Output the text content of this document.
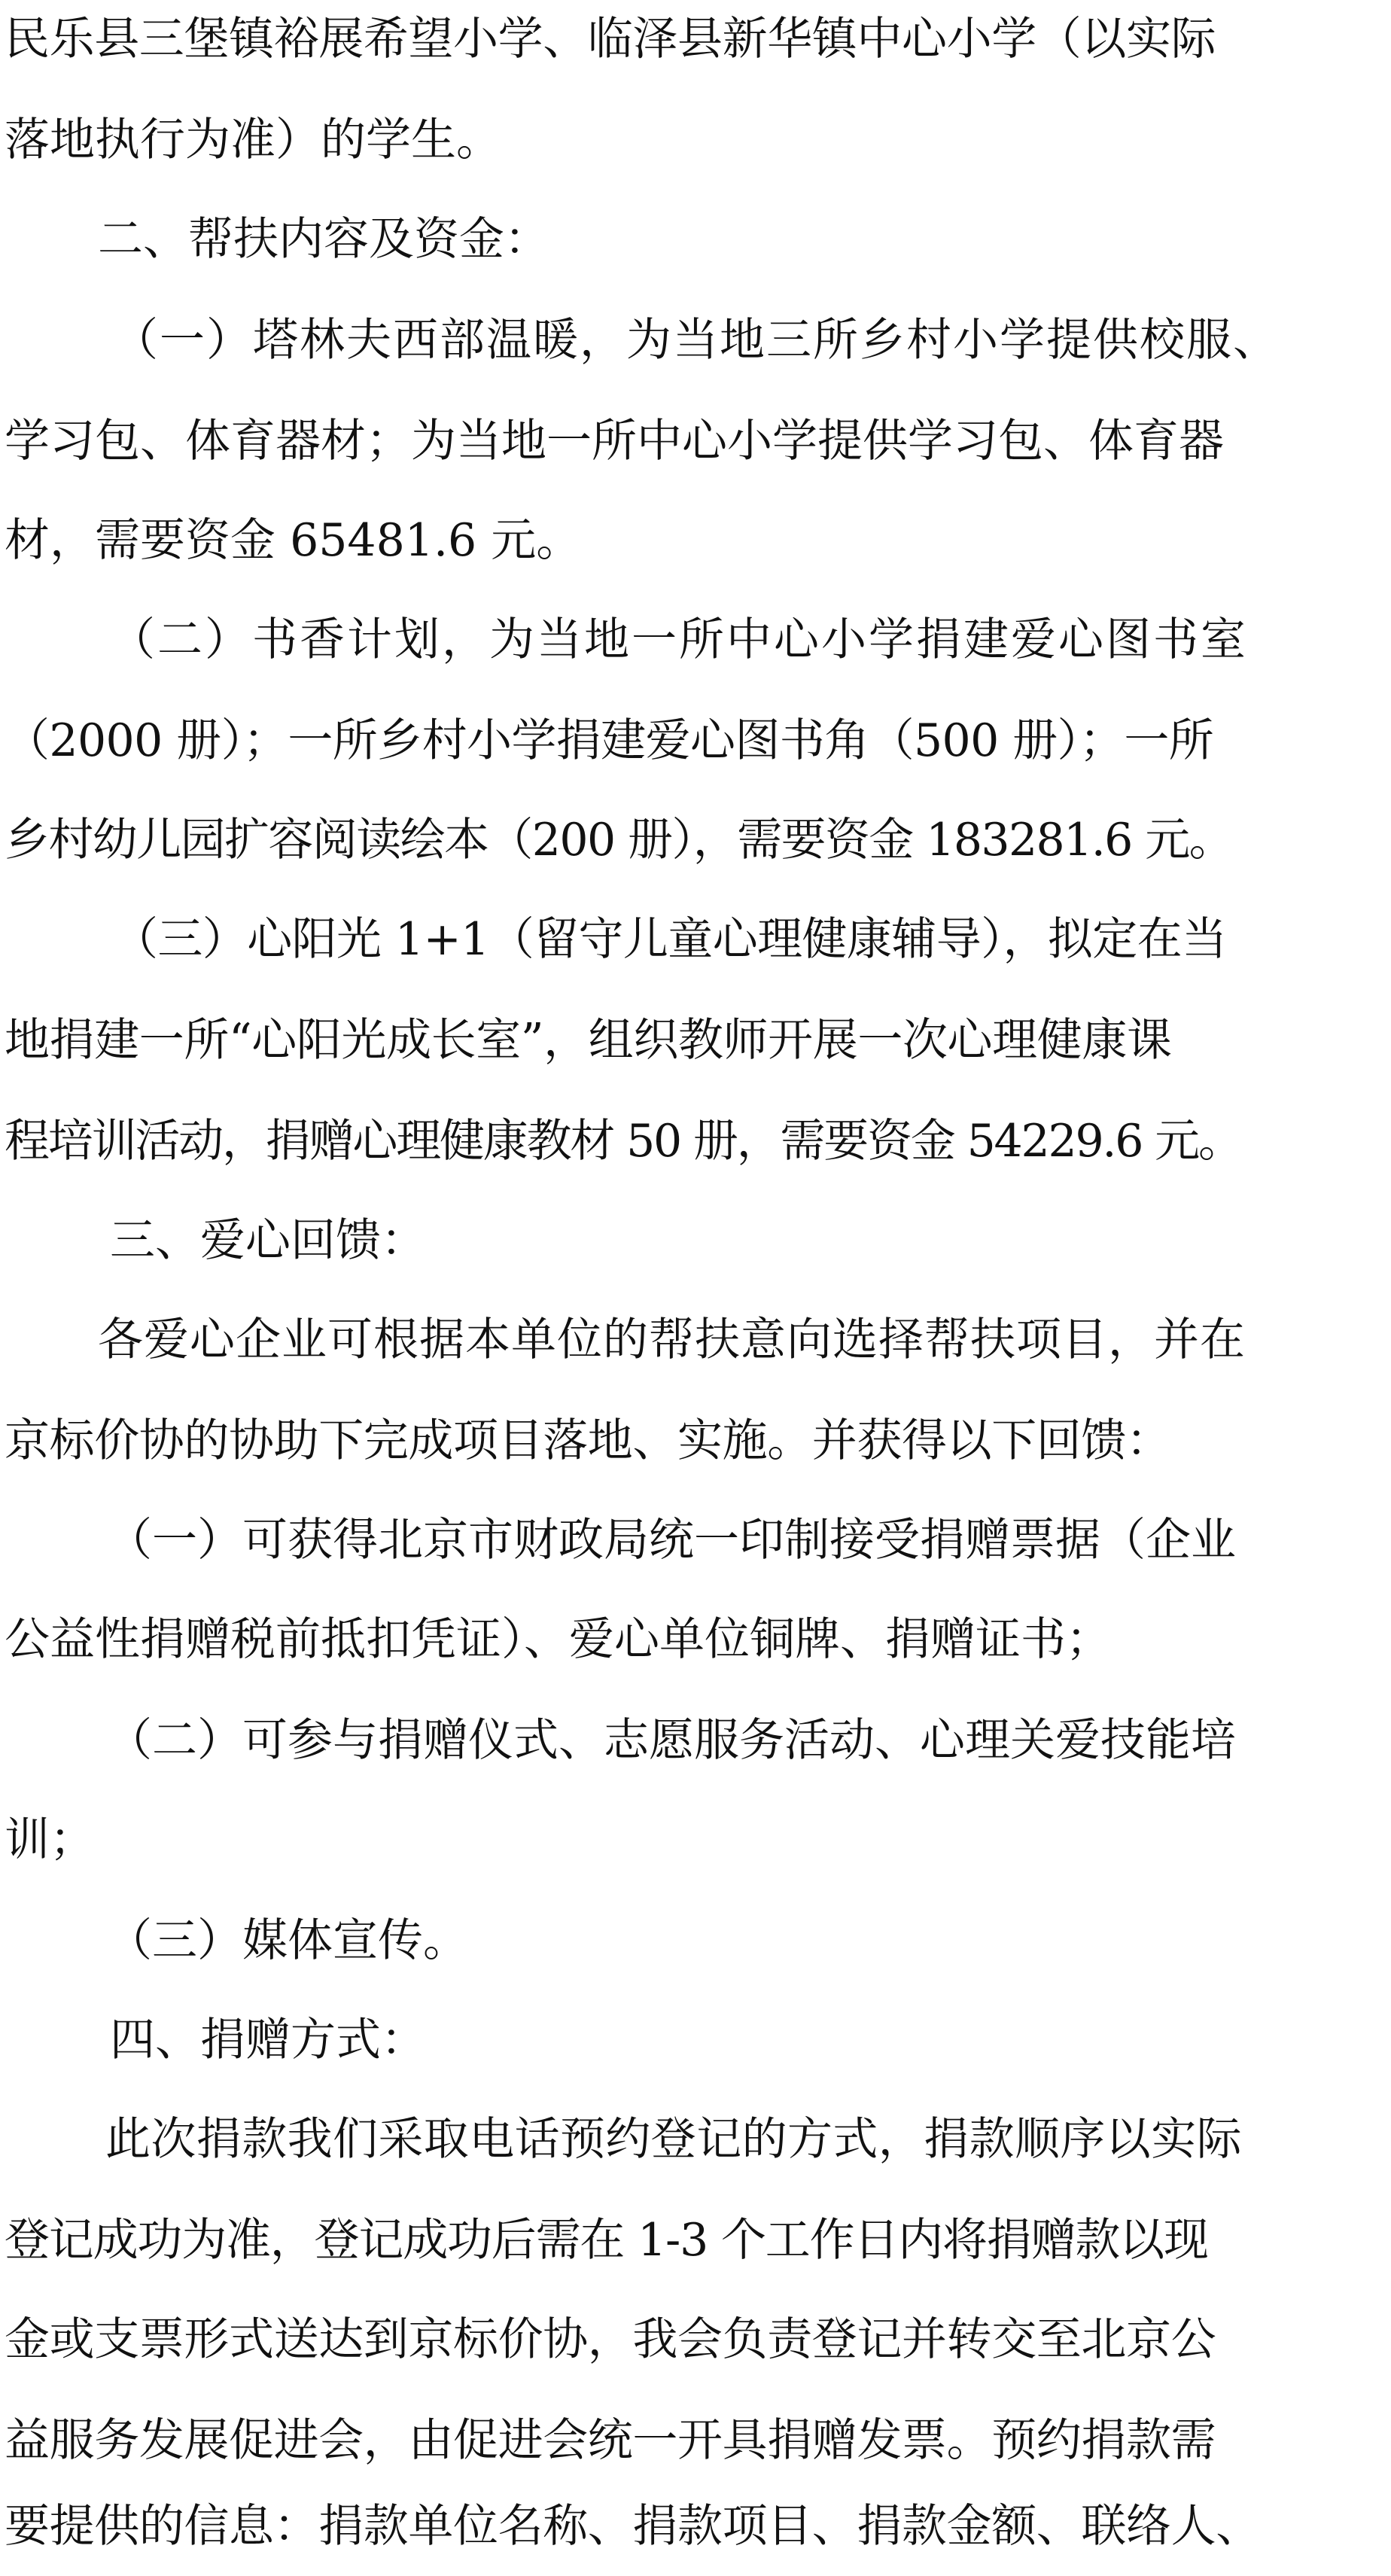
民乐县三堡镇裕展希望小学、临泽县新华镇中心小学（以实际
落地执行为准）的学生。
二、帮扶内容及资金：
（一）塔林夫西部温暖，为当地三所乡村小学提供校服、
学习包、体育器材；为当地一所中心小学提供学习包、体育器
材，需要资金 65481.6 元。
（二）书香计划，为当地一所中心小学捐建爱心图书室
（2000 册）；一所乡村小学捐建爱心图书角（500 册）；一所
乡村幼儿园扩容阅读绘本（200 册），需要资金 183281.6 元。
（三）心阳光 1+1（留守儿童心理健康辅导），拟定在当
地捐建一所“心阳光成长室”，组织教师开展一次心理健康课
程培训活动，捐赠心理健康教材 50 册，需要资金 54229.6 元。
三、爱心回馈：
各爱心企业可根据本单位的帮扶意向选择帮扶项目，并在
京标价协的协助下完成项目落地、实施。并获得以下回馈：
（一）可获得北京市财政局统一印制接受捐赠票据（企业
公益性捐赠税前抵扣凭证）、爱心单位铜牌、捐赠证书；
（二）可参与捐赠仪式、志愿服务活动、心理关爱技能培
训；
（三）媒体宣传。
四、捐赠方式：
此次捐款我们采取电话预约登记的方式，捐款顺序以实际
登记成功为准，登记成功后需在 1-3 个工作日内将捐赠款以现
金或支票形式送达到京标价协，我会负责登记并转交至北京公
益服务发展促进会，由促进会统一开具捐赠发票。预约捐款需
要提供的信息：捐款单位名称、捐款项目、捐款金额、联络人、
